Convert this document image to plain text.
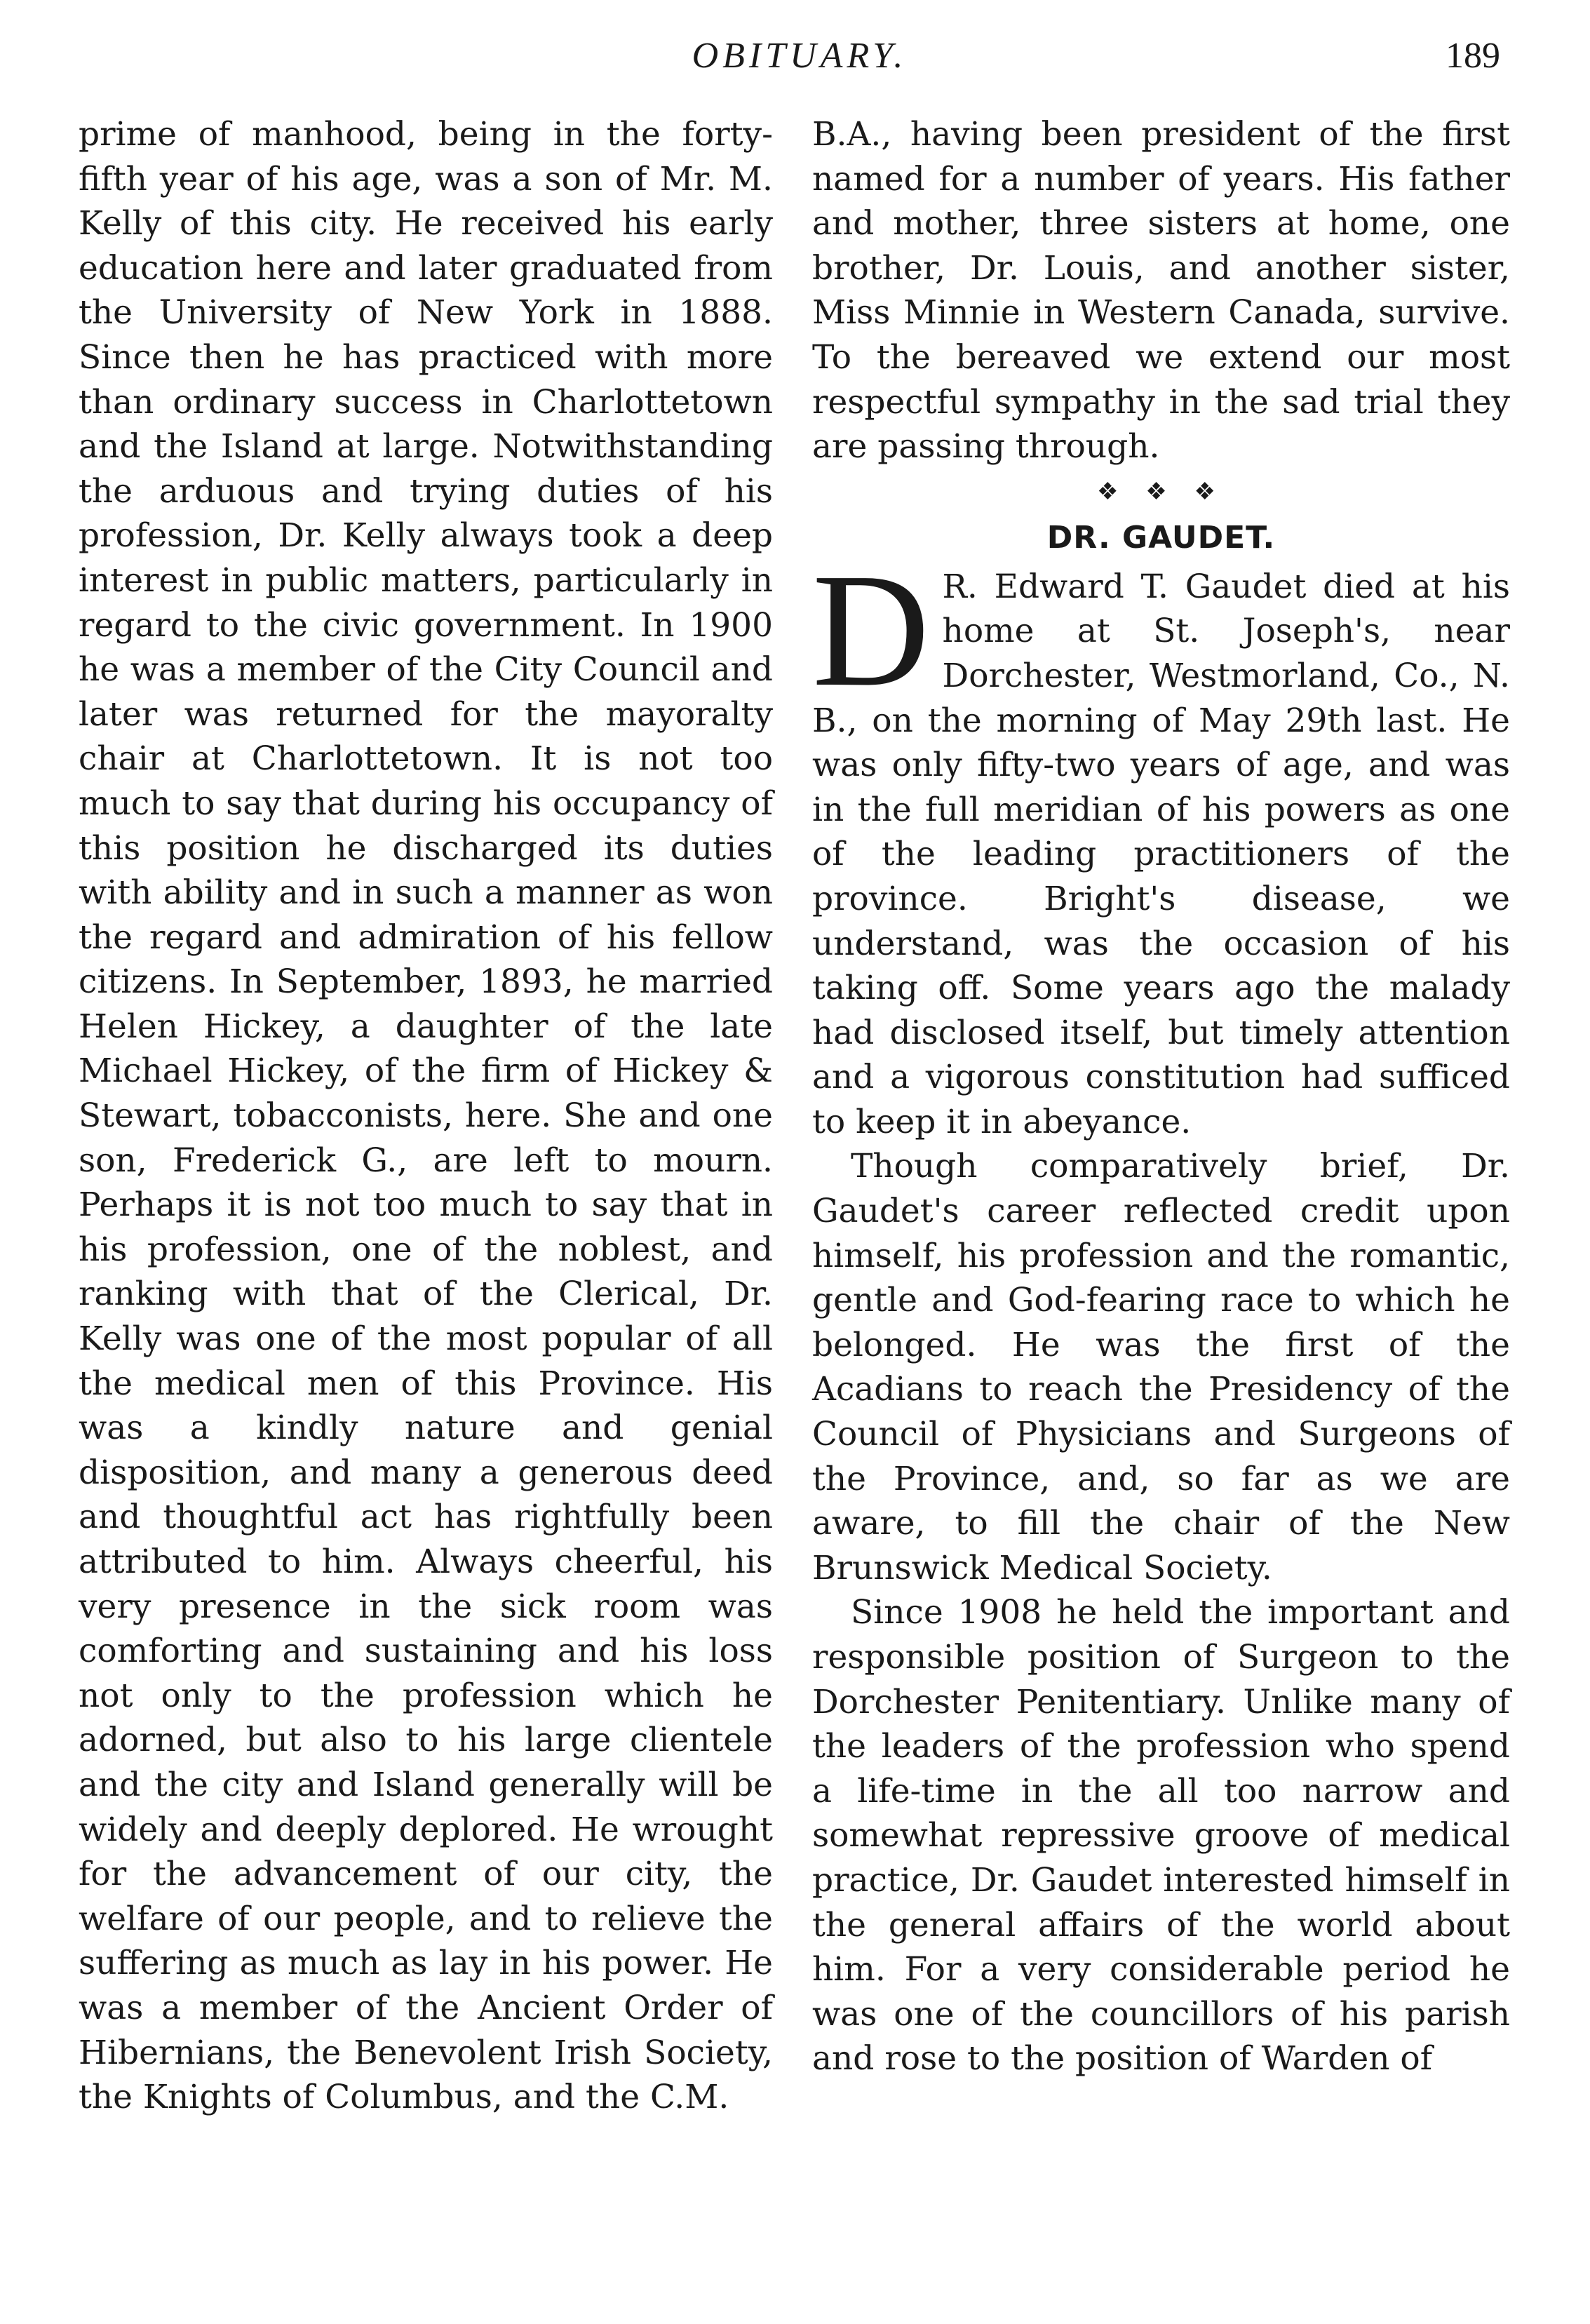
OBITUARY.	189

prime of manhood, being in the forty-fifth year of his age, was a son of Mr. M. Kelly of this city. He received his early education here and later graduated from the University of New York in 1888. Since then he has practiced with more than ordinary success in Charlottetown and the Island at large. Notwithstanding the arduous and trying duties of his profession, Dr. Kelly always took a deep interest in public matters, particularly in regard to the civic government. In 1900 he was a member of the City Council and later was returned for the mayoralty chair at Charlottetown. It is not too much to say that during his occupancy of this position he discharged its duties with ability and in such a manner as won the regard and admiration of his fellow citizens. In September, 1893, he married Helen Hickey, a daughter of the late Michael Hickey, of the firm of Hickey & Stewart, tobacconists, here. She and one son, Frederick G., are left to mourn. Perhaps it is not too much to say that in his profession, one of the noblest, and ranking with that of the Clerical, Dr. Kelly was one of the most popular of all the medical men of this Province. His was a kindly nature and genial disposition, and many a generous deed and thoughtful act has rightfully been attributed to him. Always cheerful, his very presence in the sick room was comforting and sustaining and his loss not only to the profession which he adorned, but also to his large clientele and the city and Island generally will be widely and deeply deplored. He wrought for the advancement of our city, the welfare of our people, and to relieve the suffering as much as lay in his power. He was a member of the Ancient Order of Hibernians, the Benevolent Irish Society, the Knights of Columbus, and the C.M.

B.A., having been president of the first named for a number of years. His father and mother, three sisters at home, one brother, Dr. Louis, and another sister, Miss Minnie in Western Canada, survive. To the bereaved we extend our most respectful sympathy in the sad trial they are passing through.

❖ ❖ ❖
DR. GAUDET.

D R. Edward T. Gaudet died at his home at St. Joseph's, near Dorchester, Westmorland, Co., N. B., on the morning of May 29th last. He was only fifty-two years of age, and was in the full meridian of his powers as one of the leading practitioners of the province. Bright's disease, we understand, was the occasion of his taking off. Some years ago the malady had disclosed itself, but timely attention and a vigorous constitution had sufficed to keep it in abeyance.

Though comparatively brief, Dr. Gaudet's career reflected credit upon himself, his profession and the romantic, gentle and God-fearing race to which he belonged. He was the first of the Acadians to reach the Presidency of the Council of Physicians and Surgeons of the Province, and, so far as we are aware, to fill the chair of the New Brunswick Medical Society.

Since 1908 he held the important and responsible position of Surgeon to the Dorchester Penitentiary. Unlike many of the leaders of the profession who spend a life-time in the all too narrow and somewhat repressive groove of medical practice, Dr. Gaudet interested himself in the general affairs of the world about him. For a very considerable period he was one of the councillors of his parish and rose to the position of Warden of
